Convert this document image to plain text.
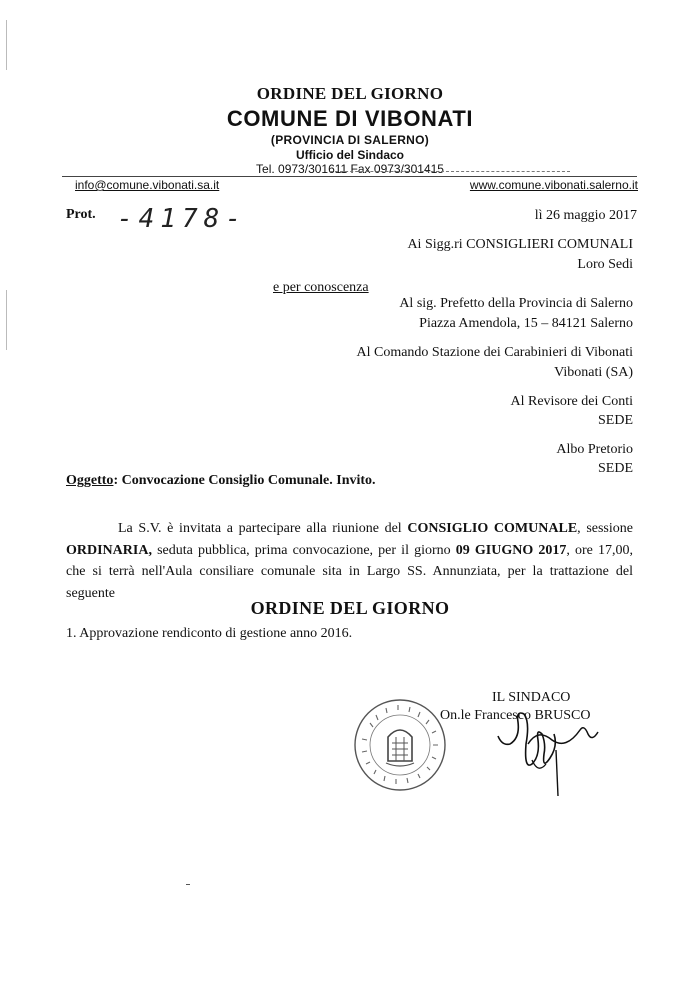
ORDINE DEL GIORNO
COMUNE DI VIBONATI
(PROVINCIA DI SALERNO)
Ufficio del Sindaco
Tel. 0973/301611 Fax 0973/301415
info@comune.vibonati.sa.it	www.comune.vibonati.salerno.it
Prot. -4178-	lì 26 maggio 2017
Ai Sigg.ri CONSIGLIERI COMUNALI
Loro Sedi
e per conoscenza
Al sig. Prefetto della Provincia di Salerno
Piazza Amendola, 15 – 84121 Salerno
Al Comando Stazione dei Carabinieri di Vibonati
Vibonati (SA)
Al Revisore dei Conti
SEDE
Albo Pretorio
SEDE
Oggetto: Convocazione Consiglio Comunale. Invito.
La S.V. è invitata a partecipare alla riunione del CONSIGLIO COMUNALE, sessione ORDINARIA, seduta pubblica, prima convocazione, per il giorno 09 GIUGNO 2017, ore 17,00, che si terrà nell'Aula consiliare comunale sita in Largo SS. Annunziata, per la trattazione del seguente
ORDINE DEL GIORNO
1. Approvazione rendiconto di gestione anno 2016.
IL SINDACO
On.le Francesco BRUSCO
